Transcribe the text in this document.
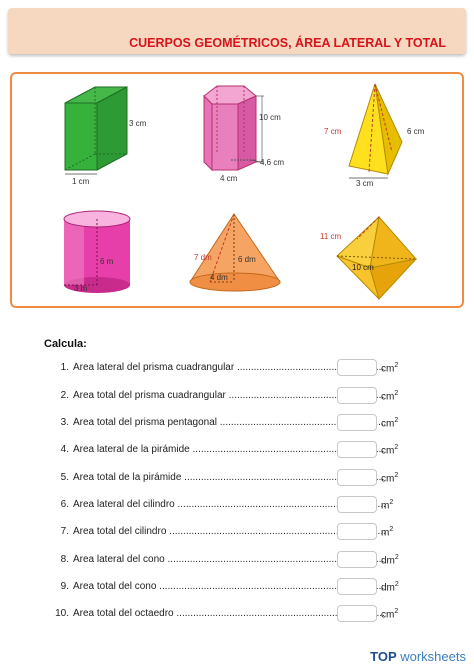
CUERPOS GEOMÉTRICOS, ÁREA LATERAL Y TOTAL
1 cm
3 cm
10 cm
4,6 cm
4 cm
7 cm	6 cm
3 cm
6 m
3 m
7 dm	6 dm
4 dm
11 cm
10 cm
Calcula:
1. Área lateral del prisma cuadrangular .....	$cm^2$
2. Área total del prisma cuadrangular .....	$cm^2$
3. Área total del prisma pentagonal .....	$cm^2$
4. Área lateral de la pirámide .....	$cm^2$
5. Área total de la pirámide .....	$cm^2$
6. Área lateral del cilindro .....	$m^2$
7. Área total del cilindro .....	$m^2$
8. Área lateral del cono .....	$dm^2$
9. Área total del cono .....	$dm^2$
10. Área total del octaedro .....	$cm^2$
TOP worksheets
